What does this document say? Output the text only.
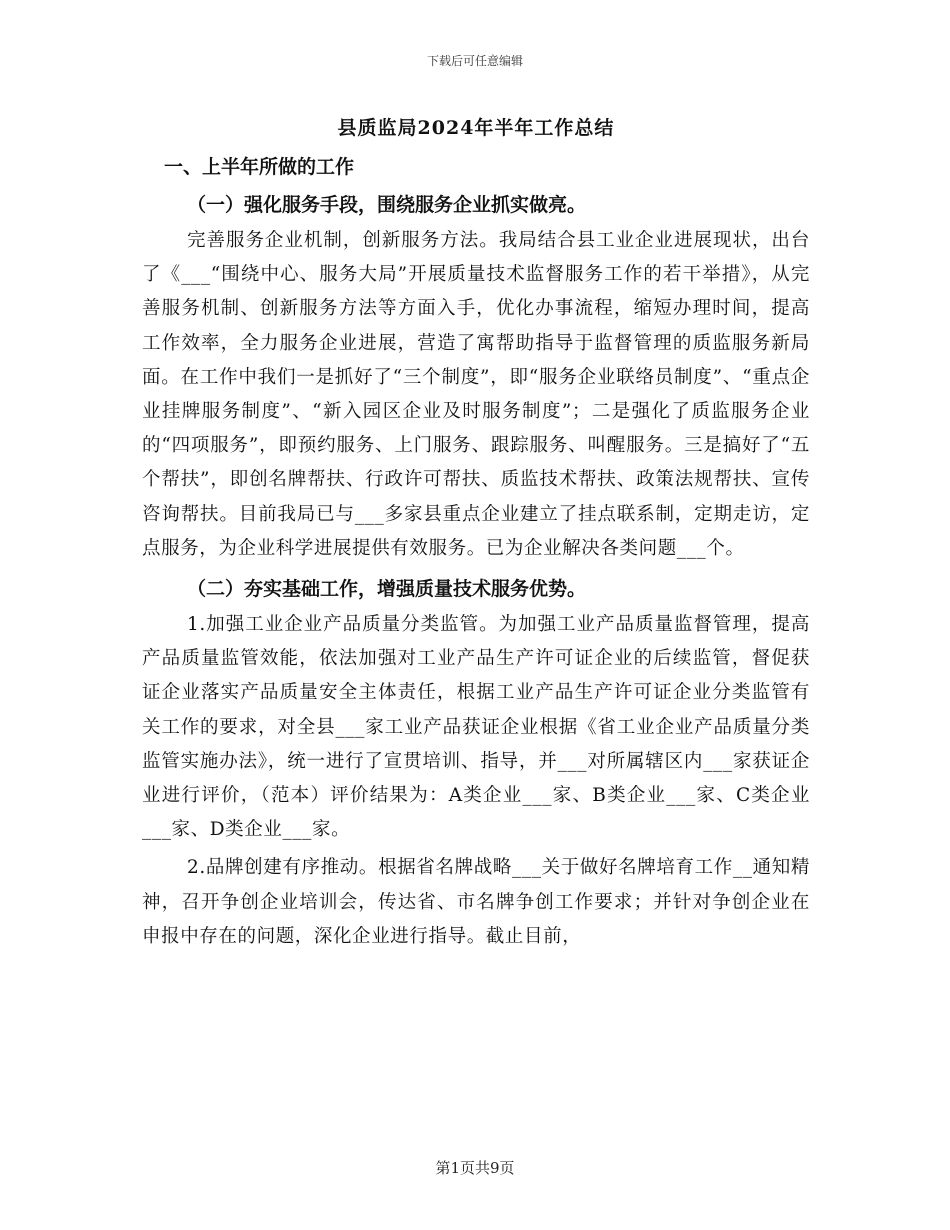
下载后可任意编辑
县质监局2024年半年工作总结
一、上半年所做的工作
（一）强化服务手段，围绕服务企业抓实做亮。

完善服务企业机制，创新服务方法。我局结合县工业企业进展现状，出台了《___“围绕中心、服务大局”开展质量技术监督服务工作的若干举措》，从完善服务机制、创新服务方法等方面入手，优化办事流程，缩短办理时间，提高工作效率，全力服务企业进展，营造了寓帮助指导于监督管理的质监服务新局面。在工作中我们一是抓好了“三个制度”，即“服务企业联络员制度”、“重点企业挂牌服务制度”、“新入园区企业及时服务制度”；二是强化了质监服务企业的“四项服务”，即预约服务、上门服务、跟踪服务、叫醒服务。三是搞好了“五个帮扶”，即创名牌帮扶、行政许可帮扶、质监技术帮扶、政策法规帮扶、宣传咨询帮扶。目前我局已与___多家县重点企业建立了挂点联系制，定期走访，定点服务，为企业科学进展提供有效服务。已为企业解决各类问题___个。

（二）夯实基础工作，增强质量技术服务优势。

1.加强工业企业产品质量分类监管。为加强工业产品质量监督管理，提高产品质量监管效能，依法加强对工业产品生产许可证企业的后续监管，督促获证企业落实产品质量安全主体责任，根据工业产品生产许可证企业分类监管有关工作的要求，对全县___家工业产品获证企业根据《省工业企业产品质量分类监管实施办法》，统一进行了宣贯培训、指导，并___对所属辖区内___家获证企业进行评价，（范本）评价结果为：A类企业___家、B类企业___家、C类企业___家、D类企业___家。

2.品牌创建有序推动。根据省名牌战略___关于做好名牌培育工作__通知精神，召开争创企业培训会，传达省、市名牌争创工作要求；并针对争创企业在申报中存在的问题，深化企业进行指导。截止目前，

第1页共9页
